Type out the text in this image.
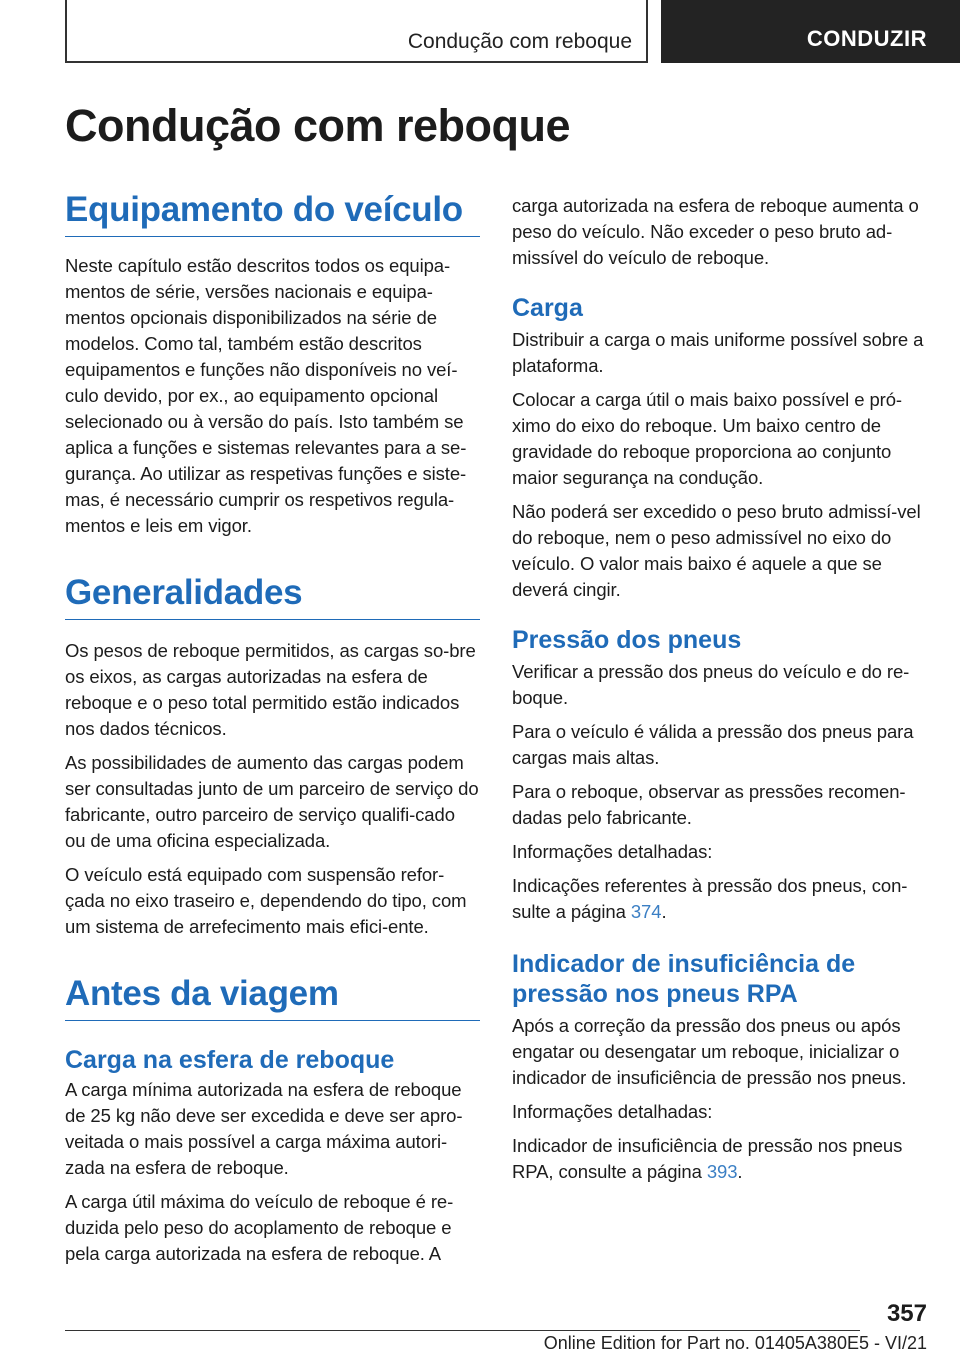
Condução com reboque	CONDUZIR
Condução com reboque
Equipamento do veículo

Neste capítulo estão descritos todos os equipa-mentos de série, versões nacionais e equipa-mentos opcionais disponibilizados na série de modelos. Como tal, também estão descritos equipamentos e funções não disponíveis no veí-culo devido, por ex., ao equipamento opcional selecionado ou à versão do país. Isto também se aplica a funções e sistemas relevantes para a se-gurança. Ao utilizar as respetivas funções e siste-mas, é necessário cumprir os respetivos regula-mentos e leis em vigor.

Generalidades

Os pesos de reboque permitidos, as cargas so-bre os eixos, as cargas autorizadas na esfera de reboque e o peso total permitido estão indicados nos dados técnicos.

As possibilidades de aumento das cargas podem ser consultadas junto de um parceiro de serviço do fabricante, outro parceiro de serviço qualifi-cado ou de uma oficina especializada.

O veículo está equipado com suspensão refor-çada no eixo traseiro e, dependendo do tipo, com um sistema de arrefecimento mais efici-ente.

Antes da viagem
Carga na esfera de reboque

A carga mínima autorizada na esfera de reboque de 25 kg não deve ser excedida e deve ser apro-veitada o mais possível a carga máxima autori-zada na esfera de reboque.

A carga útil máxima do veículo de reboque é re-duzida pelo peso do acoplamento de reboque e pela carga autorizada na esfera de reboque. A

carga autorizada na esfera de reboque aumenta o peso do veículo. Não exceder o peso bruto ad-missível do veículo de reboque.

Carga

Distribuir a carga o mais uniforme possível sobre a plataforma.

Colocar a carga útil o mais baixo possível e pró-ximo do eixo do reboque. Um baixo centro de gravidade do reboque proporciona ao conjunto maior segurança na condução.

Não poderá ser excedido o peso bruto admissí-vel do reboque, nem o peso admissível no eixo do veículo. O valor mais baixo é aquele a que se deverá cingir.

Pressão dos pneus

Verificar a pressão dos pneus do veículo e do re-boque.

Para o veículo é válida a pressão dos pneus para cargas mais altas.

Para o reboque, observar as pressões recomen-dadas pelo fabricante.

Informações detalhadas:

Indicações referentes à pressão dos pneus, con-sulte a página 374.

Indicador de insuficiência de pressão nos pneus RPA

Após a correção da pressão dos pneus ou após engatar ou desengatar um reboque, inicializar o indicador de insuficiência de pressão nos pneus.

Informações detalhadas:

Indicador de insuficiência de pressão nos pneus RPA, consulte a página 393.

357
Online Edition for Part no. 01405A380E5 - VI/21
